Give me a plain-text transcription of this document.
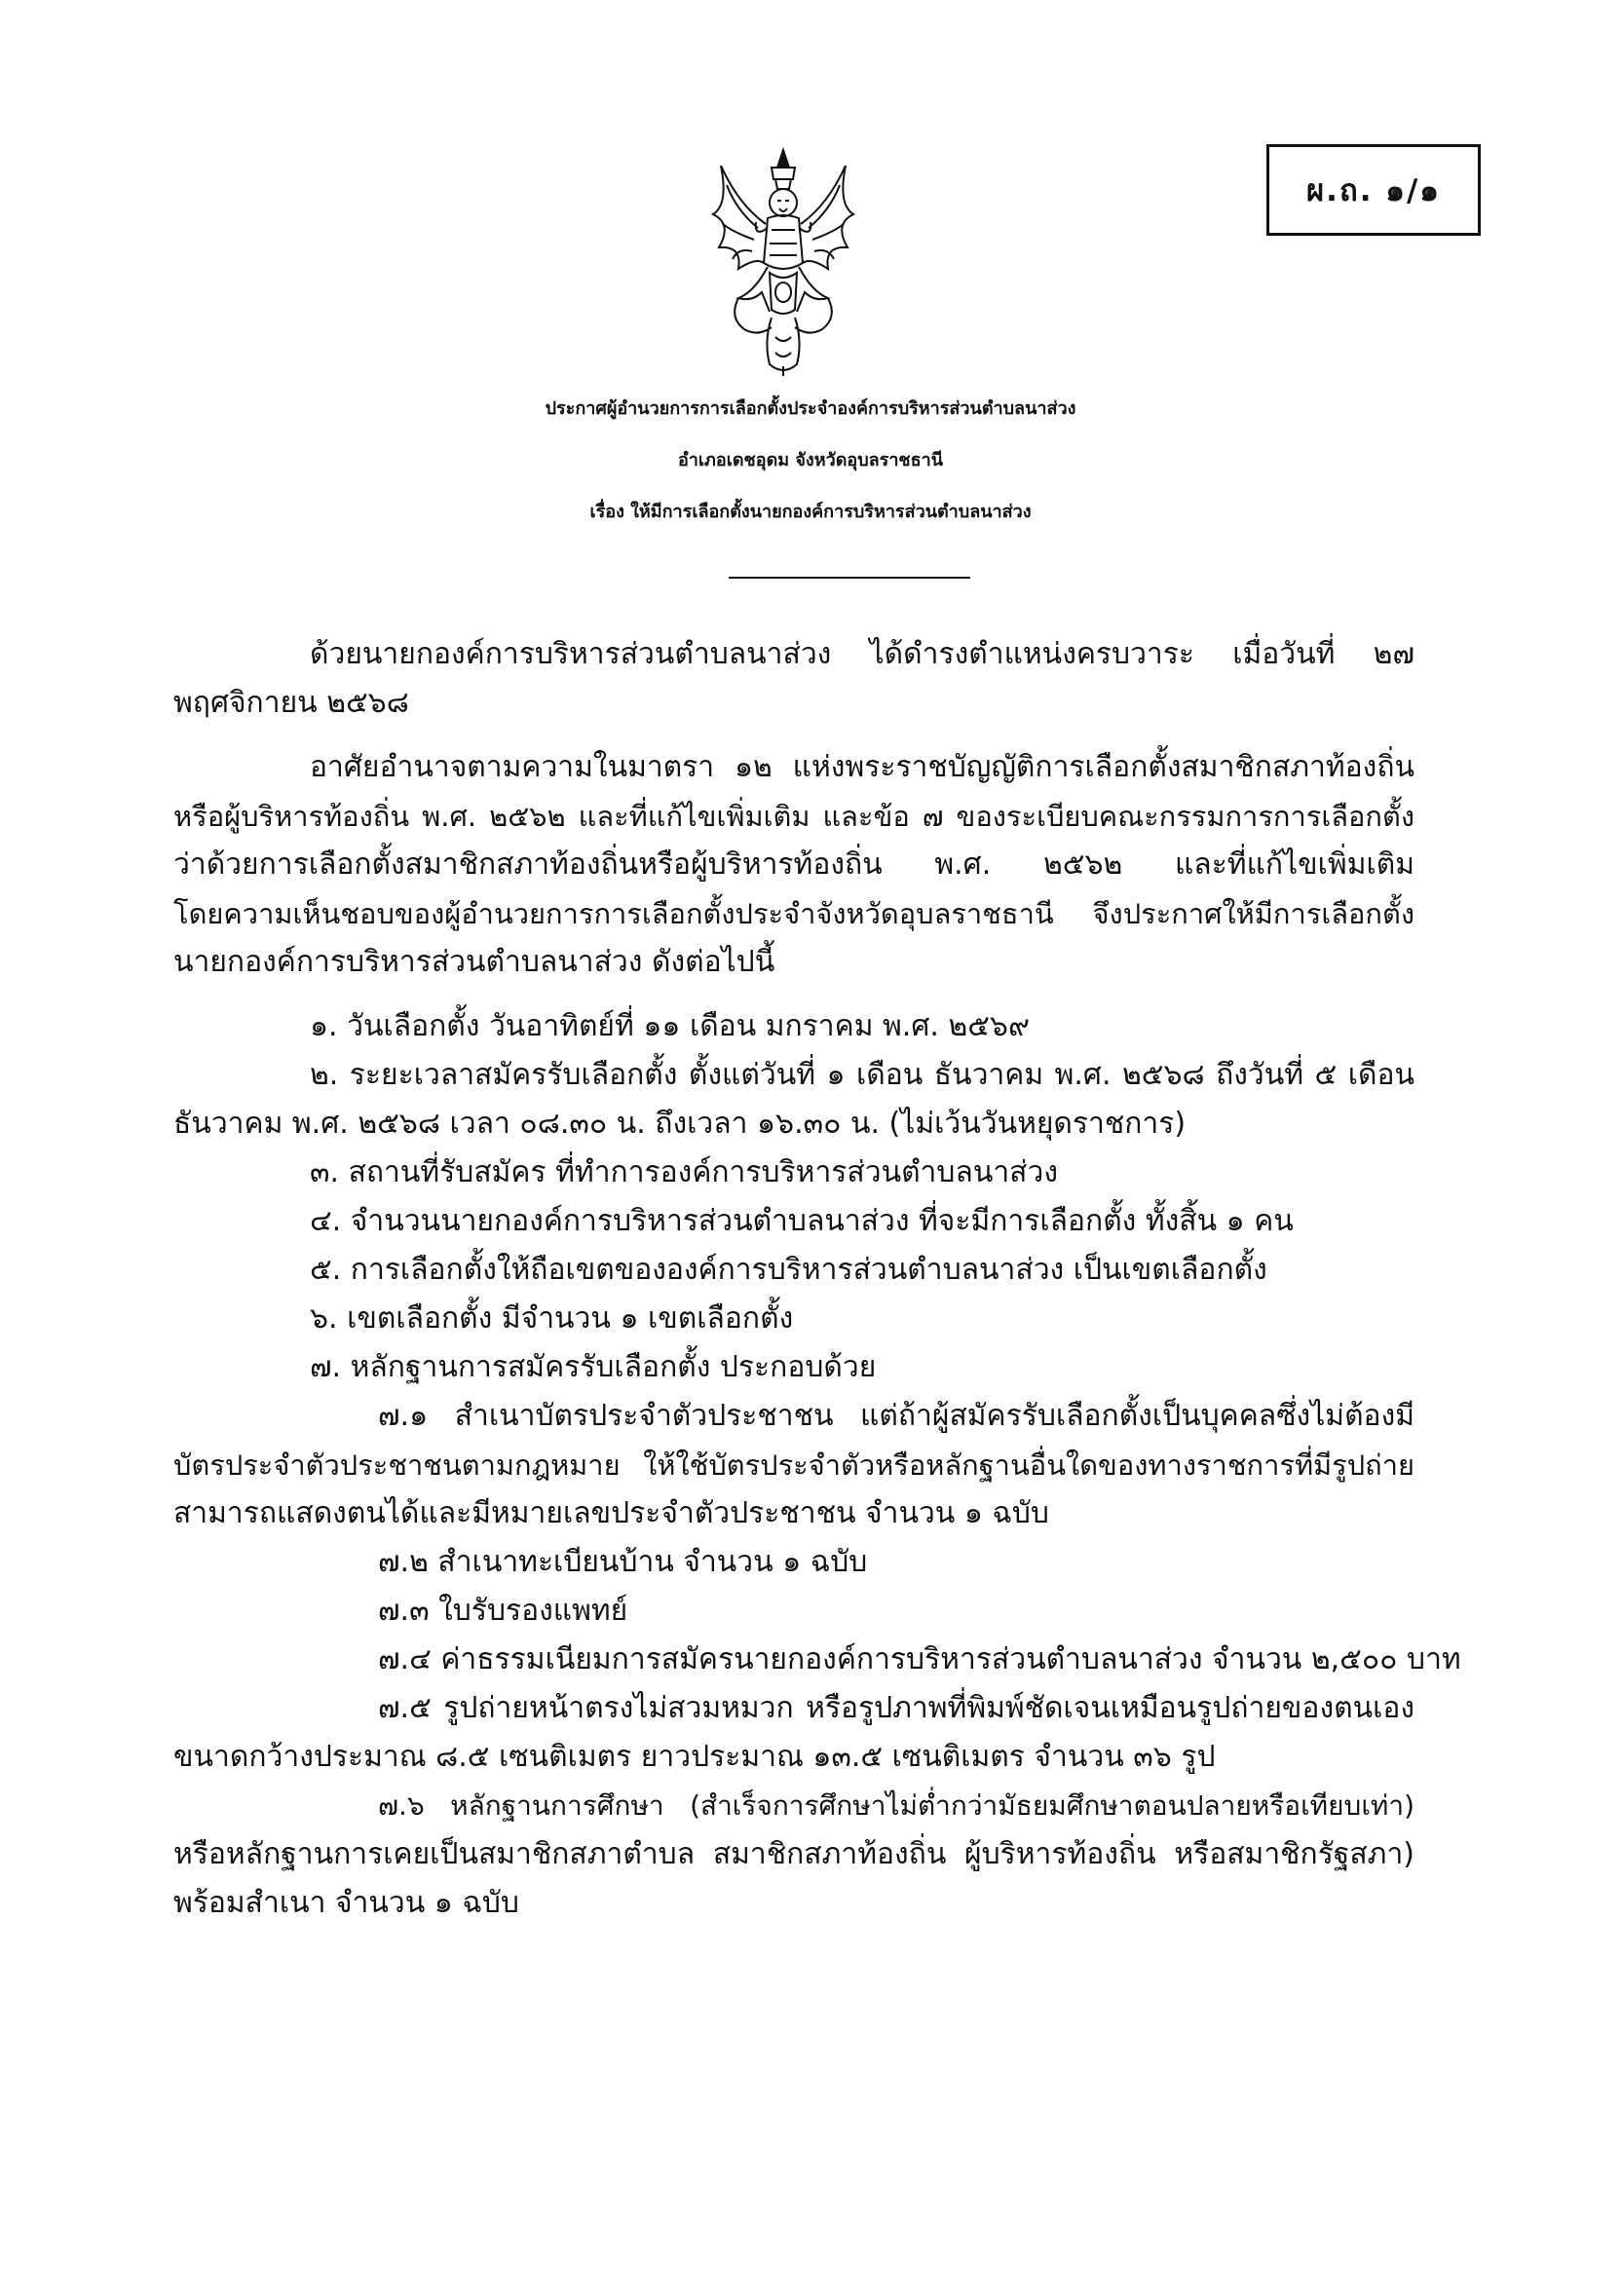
ผ.ถ. ๑/๑
ประกาศผู้อำนวยการการเลือกตั้งประจำองค์การบริหารส่วนตำบลนาส่วง
อำเภอเดชอุดม จังหวัดอุบลราชธานี
เรื่อง ให้มีการเลือกตั้งนายกองค์การบริหารส่วนตำบลนาส่วง
ด้วยนายกองค์การบริหารส่วนตำบลนาส่วง ได้ดำรงตำแหน่งครบวาระ เมื่อวันที่ ๒๗
พฤศจิกายน ๒๕๖๘
อาศัยอำนาจตามความในมาตรา ๑๒ แห่งพระราชบัญญัติการเลือกตั้งสมาชิกสภาท้องถิ่น
หรือผู้บริหารท้องถิ่น พ.ศ. ๒๕๖๒ และที่แก้ไขเพิ่มเติม และข้อ ๗ ของระเบียบคณะกรรมการการเลือกตั้ง
ว่าด้วยการเลือกตั้งสมาชิกสภาท้องถิ่นหรือผู้บริหารท้องถิ่น พ.ศ. ๒๕๖๒ และที่แก้ไขเพิ่มเติม
โดยความเห็นชอบของผู้อำนวยการการเลือกตั้งประจำจังหวัดอุบลราชธานี จึงประกาศให้มีการเลือกตั้ง
นายกองค์การบริหารส่วนตำบลนาส่วง ดังต่อไปนี้
๑. วันเลือกตั้ง วันอาทิตย์ที่ ๑๑ เดือน มกราคม พ.ศ. ๒๕๖๙
๒. ระยะเวลาสมัครรับเลือกตั้ง ตั้งแต่วันที่ ๑ เดือน ธันวาคม พ.ศ. ๒๕๖๘ ถึงวันที่ ๕ เดือน
ธันวาคม พ.ศ. ๒๕๖๘ เวลา ๐๘.๓๐ น. ถึงเวลา ๑๖.๓๐ น. (ไม่เว้นวันหยุดราชการ)
๓. สถานที่รับสมัคร ที่ทำการองค์การบริหารส่วนตำบลนาส่วง
๔. จำนวนนายกองค์การบริหารส่วนตำบลนาส่วง ที่จะมีการเลือกตั้ง ทั้งสิ้น ๑ คน
๕. การเลือกตั้งให้ถือเขตขององค์การบริหารส่วนตำบลนาส่วง เป็นเขตเลือกตั้ง
๖. เขตเลือกตั้ง มีจำนวน ๑ เขตเลือกตั้ง
๗. หลักฐานการสมัครรับเลือกตั้ง ประกอบด้วย
๗.๑ สำเนาบัตรประจำตัวประชาชน แต่ถ้าผู้สมัครรับเลือกตั้งเป็นบุคคลซึ่งไม่ต้องมี
บัตรประจำตัวประชาชนตามกฎหมาย ให้ใช้บัตรประจำตัวหรือหลักฐานอื่นใดของทางราชการที่มีรูปถ่าย
สามารถแสดงตนได้และมีหมายเลขประจำตัวประชาชน จำนวน ๑ ฉบับ
๗.๒ สำเนาทะเบียนบ้าน จำนวน ๑ ฉบับ
๗.๓ ใบรับรองแพทย์
๗.๔ ค่าธรรมเนียมการสมัครนายกองค์การบริหารส่วนตำบลนาส่วง จำนวน ๒,๕๐๐ บาท
๗.๕ รูปถ่ายหน้าตรงไม่สวมหมวก หรือรูปภาพที่พิมพ์ชัดเจนเหมือนรูปถ่ายของตนเอง
ขนาดกว้างประมาณ ๘.๕ เซนติเมตร ยาวประมาณ ๑๓.๕ เซนติเมตร จำนวน ๓๖ รูป
๗.๖ หลักฐานการศึกษา (สำเร็จการศึกษาไม่ต่ำกว่ามัธยมศึกษาตอนปลายหรือเทียบเท่า)
หรือหลักฐานการเคยเป็นสมาชิกสภาตำบล สมาชิกสภาท้องถิ่น ผู้บริหารท้องถิ่น หรือสมาชิกรัฐสภา)
พร้อมสำเนา จำนวน ๑ ฉบับ
